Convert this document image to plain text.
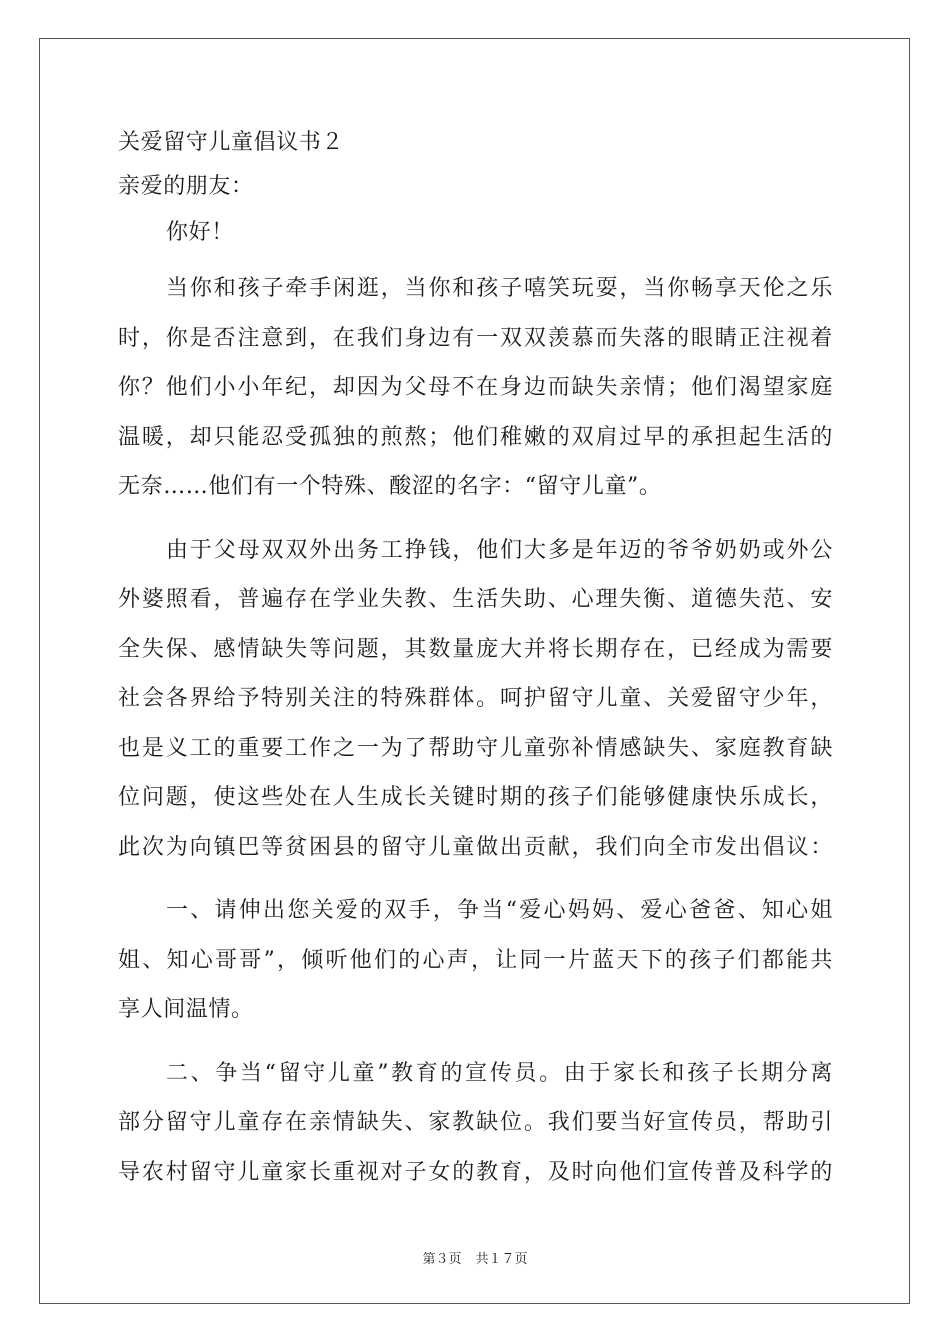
关爱留守儿童倡议书２
亲爱的朋友：
你好！
当你和孩子牵手闲逛，当你和孩子嘻笑玩耍，当你畅享天伦之乐
时，你是否注意到，在我们身边有一双双羡慕而失落的眼睛正注视着
你？他们小小年纪，却因为父母不在身边而缺失亲情；他们渴望家庭
温暖，却只能忍受孤独的煎熬；他们稚嫩的双肩过早的承担起生活的
无奈……他们有一个特殊、酸涩的名字：“留守儿童”。
由于父母双双外出务工挣钱，他们大多是年迈的爷爷奶奶或外公
外婆照看，普遍存在学业失教、生活失助、心理失衡、道德失范、安
全失保、感情缺失等问题，其数量庞大并将长期存在，已经成为需要
社会各界给予特别关注的特殊群体。呵护留守儿童、关爱留守少年，
也是义工的重要工作之一为了帮助守儿童弥补情感缺失、家庭教育缺
位问题，使这些处在人生成长关键时期的孩子们能够健康快乐成长，
此次为向镇巴等贫困县的留守儿童做出贡献，我们向全市发出倡议：
一、请伸出您关爱的双手，争当“爱心妈妈、爱心爸爸、知心姐
姐、知心哥哥”，倾听他们的心声，让同一片蓝天下的孩子们都能共
享人间温情。
二、争当“留守儿童”教育的宣传员。由于家长和孩子长期分离
部分留守儿童存在亲情缺失、家教缺位。我们要当好宣传员，帮助引
导农村留守儿童家长重视对子女的教育，及时向他们宣传普及科学的
第３页 共１７页
